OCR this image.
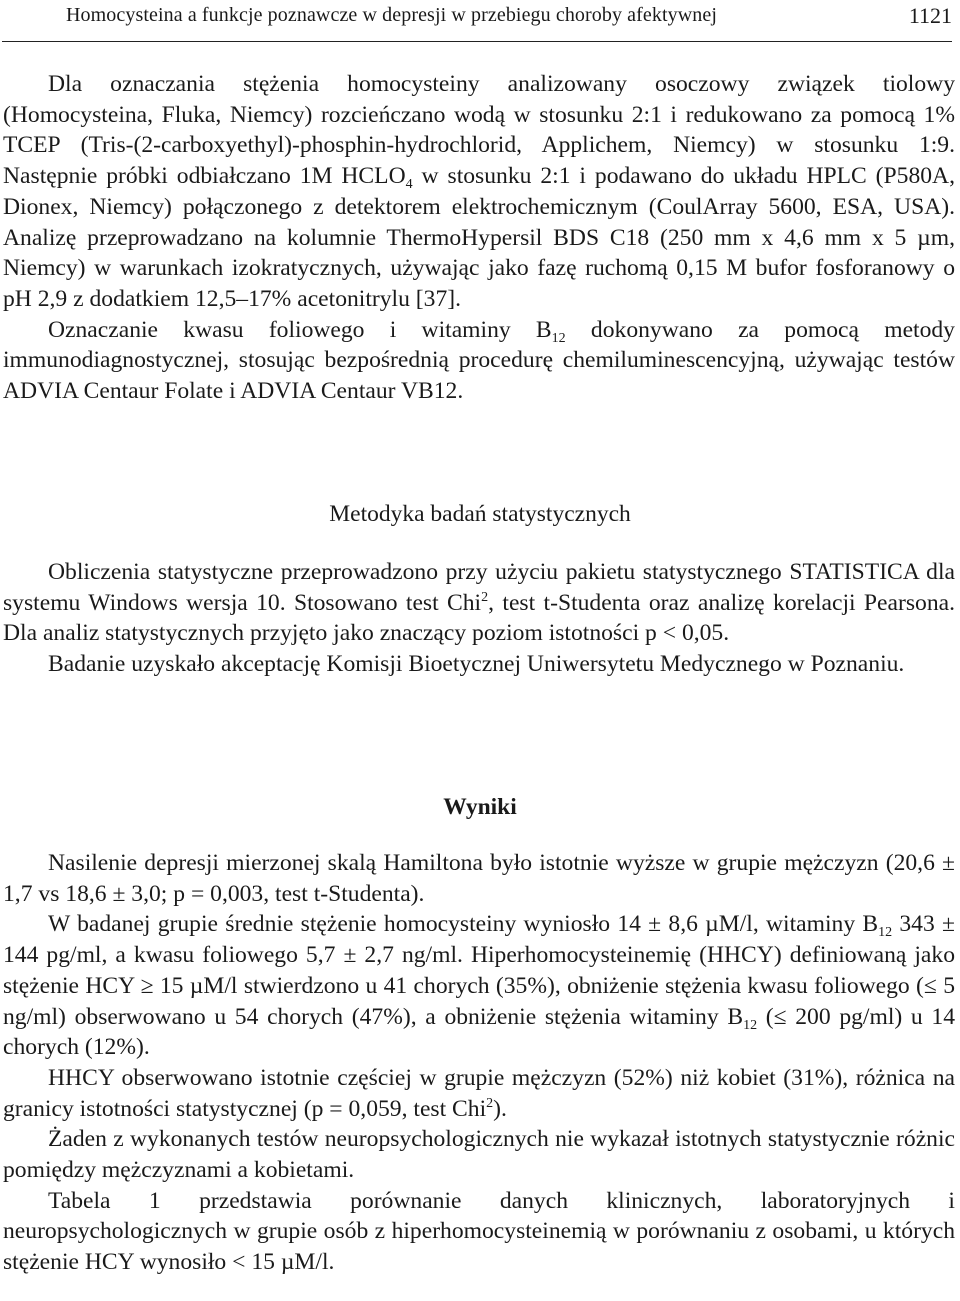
Homocysteina a funkcje poznawcze w depresji w przebiegu choroby afektywnej	1121

Dla oznaczania stężenia homocysteiny analizowany osoczowy związek tiolowy (Homocysteina, Fluka, Niemcy) rozcieńczano wodą w stosunku 2:1 i redukowano za pomocą 1% TCEP (Tris-(2-carboxyethyl)-phosphin-hydrochlorid, Applichem, Niemcy) w stosunku 1:9. Następnie próbki odbiałczano 1M $HCLO_4$ w stosunku 2:1 i podawano do układu HPLC (P580A, Dionex, Niemcy) połączonego z detektorem elektrochemicznym (CoulArray 5600, ESA, USA). Analizę przeprowadzano na kolumnie ThermoHypersil BDS C18 (250 mm x 4,6 mm x 5 µm, Niemcy) w warunkach izokratycznych, używając jako fazę ruchomą 0,15 M bufor fosforanowy o pH 2,9 z dodatkiem 12,5–17% acetonitrylu [37].

Oznaczanie kwasu foliowego i witaminy $B_{12}$ dokonywano za pomocą metody immunodiagnostycznej, stosując bezpośrednią procedurę chemiluminescencyjną, używając testów ADVIA Centaur Folate i ADVIA Centaur VB12.

Metodyka badań statystycznych

Obliczenia statystyczne przeprowadzono przy użyciu pakietu statystycznego STATISTICA dla systemu Windows wersja 10. Stosowano test Chi$^2$, test t-Studenta oraz analizę korelacji Pearsona. Dla analiz statystycznych przyjęto jako znaczący poziom istotności p < 0,05.

Badanie uzyskało akceptację Komisji Bioetycznej Uniwersytetu Medycznego w Poznaniu.

Wyniki

Nasilenie depresji mierzonej skalą Hamiltona było istotnie wyższe w grupie mężczyzn (20,6 ± 1,7 vs 18,6 ± 3,0; p = 0,003, test t-Studenta).

W badanej grupie średnie stężenie homocysteiny wyniosło 14 ± 8,6 µM/l, witaminy $B_{12}$ 343 ± 144 pg/ml, a kwasu foliowego 5,7 ± 2,7 ng/ml. Hiperhomocysteinemię (HHCY) definiowaną jako stężenie HCY ≥ 15 µM/l stwierdzono u 41 chorych (35%), obniżenie stężenia kwasu foliowego (≤ 5 ng/ml) obserwowano u 54 chorych (47%), a obniżenie stężenia witaminy $B_{12}$ (≤ 200 pg/ml) u 14 chorych (12%).

HHCY obserwowano istotnie częściej w grupie mężczyzn (52%) niż kobiet (31%), różnica na granicy istotności statystycznej (p = 0,059, test Chi$^2$).

Żaden z wykonanych testów neuropsychologicznych nie wykazał istotnych statystycznie różnic pomiędzy mężczyznami a kobietami.

Tabela 1 przedstawia porównanie danych klinicznych, laboratoryjnych i neuropsychologicznych w grupie osób z hiperhomocysteinemią w porównaniu z osobami, u których stężenie HCY wynosiło < 15 µM/l.
